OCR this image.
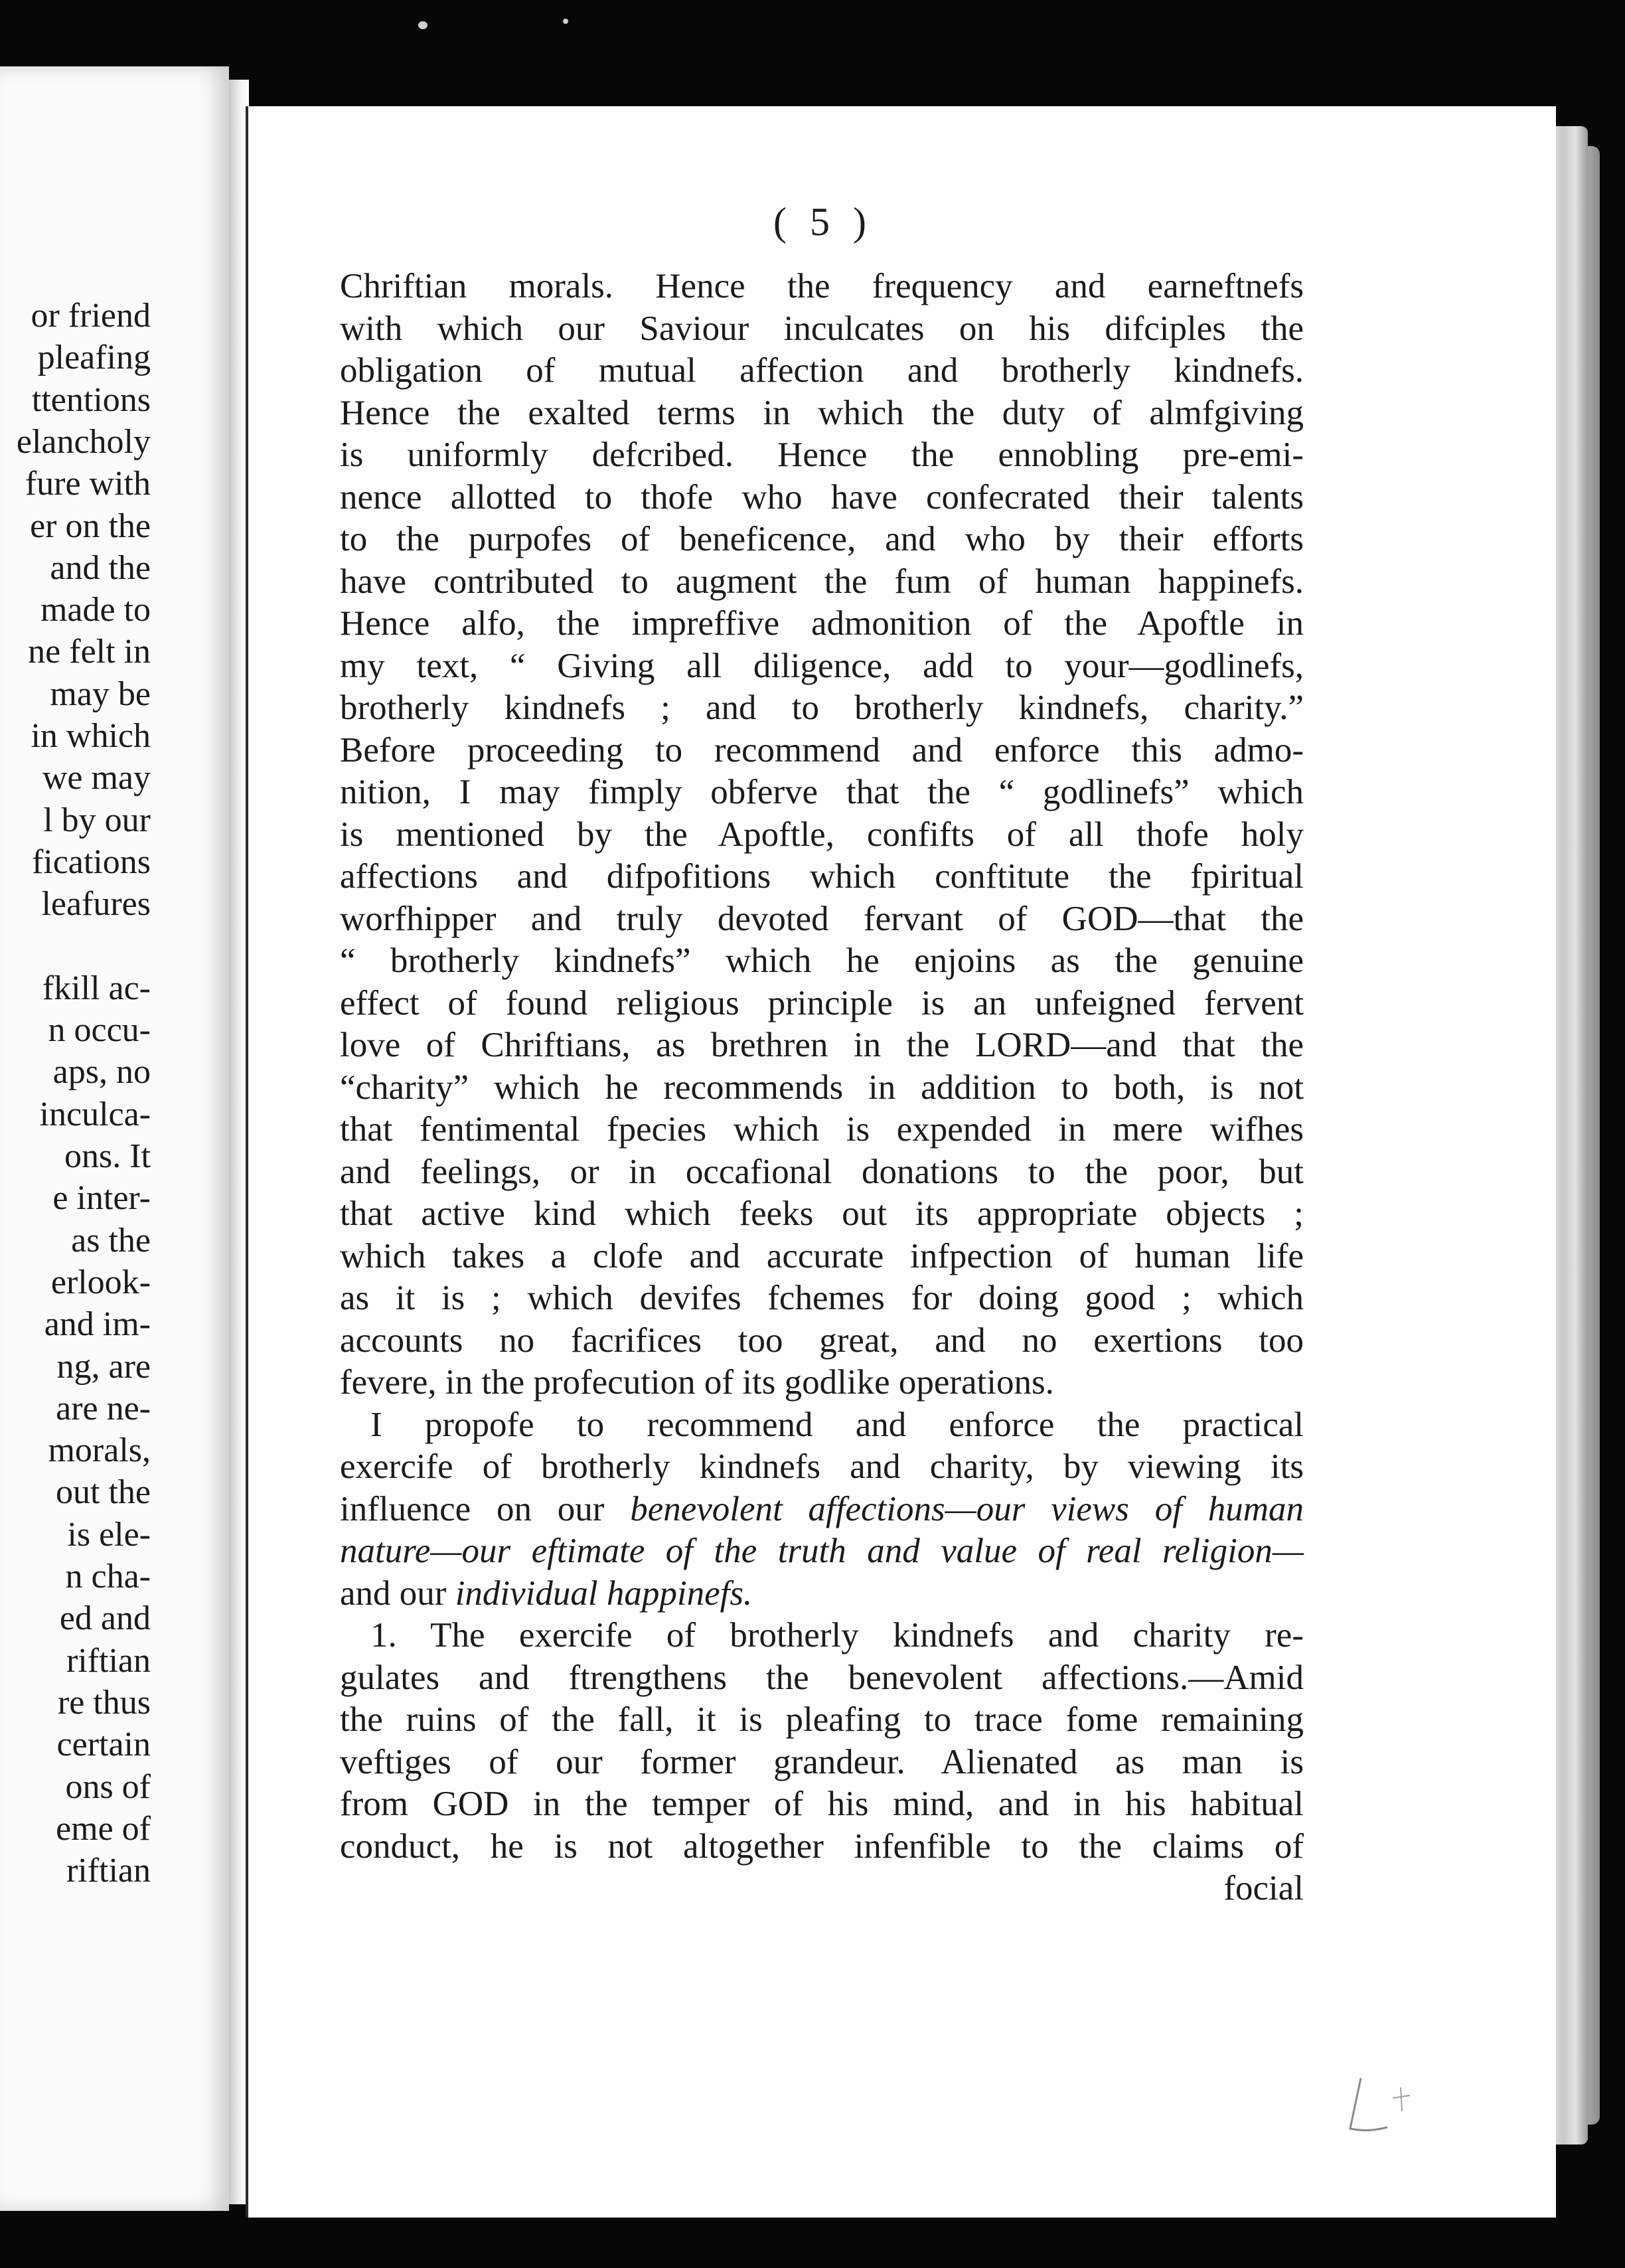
or friend
pleafing
ttentions
elancholy
fure with
er on the
and the
made to
ne felt in
may be
in which
we may
l by our
fications
leafures
fkill ac-
n occu-
aps, no
inculca-
ons. It
e inter-
as the
erlook-
and im-
ng, are
are ne-
morals,
out the
is ele-
n cha-
ed and
riftian
re thus
certain
ons of
eme of
riftian
( 5 )
Chriftian morals. Hence the frequency and earneftnefs
with which our Saviour inculcates on his difciples the
obligation of mutual affection and brotherly kindnefs.
Hence the exalted terms in which the duty of almfgiving
is uniformly defcribed. Hence the ennobling pre-emi-
nence allotted to thofe who have confecrated their talents
to the purpofes of beneficence, and who by their efforts
have contributed to augment the fum of human happinefs.
Hence alfo, the impreffive admonition of the Apoftle in
my text, “ Giving all diligence, add to your—godlinefs,
brotherly kindnefs ; and to brotherly kindnefs, charity.”
Before proceeding to recommend and enforce this admo-
nition, I may fimply obferve that the “ godlinefs” which
is mentioned by the Apoftle, confifts of all thofe holy
affections and difpofitions which conftitute the fpiritual
worfhipper and truly devoted fervant of GOD—that the
“ brotherly kindnefs” which he enjoins as the genuine
effect of found religious principle is an unfeigned fervent
love of Chriftians, as brethren in the LORD—and that the
“charity” which he recommends in addition to both, is not
that fentimental fpecies which is expended in mere wifhes
and feelings, or in occafional donations to the poor, but
that active kind which feeks out its appropriate objects ;
which takes a clofe and accurate infpection of human life
as it is ; which devifes fchemes for doing good ; which
accounts no facrifices too great, and no exertions too
fevere, in the profecution of its godlike operations.
I propofe to recommend and enforce the practical
exercife of brotherly kindnefs and charity, by viewing its
influence on our benevolent affections—our views of human
nature—our eftimate of the truth and value of real religion—
and our individual happinefs.
1. The exercife of brotherly kindnefs and charity re-
gulates and ftrengthens the benevolent affections.—Amid
the ruins of the fall, it is pleafing to trace fome remaining
veftiges of our former grandeur. Alienated as man is
from GOD in the temper of his mind, and in his habitual
conduct, he is not altogether infenfible to the claims of
focial
